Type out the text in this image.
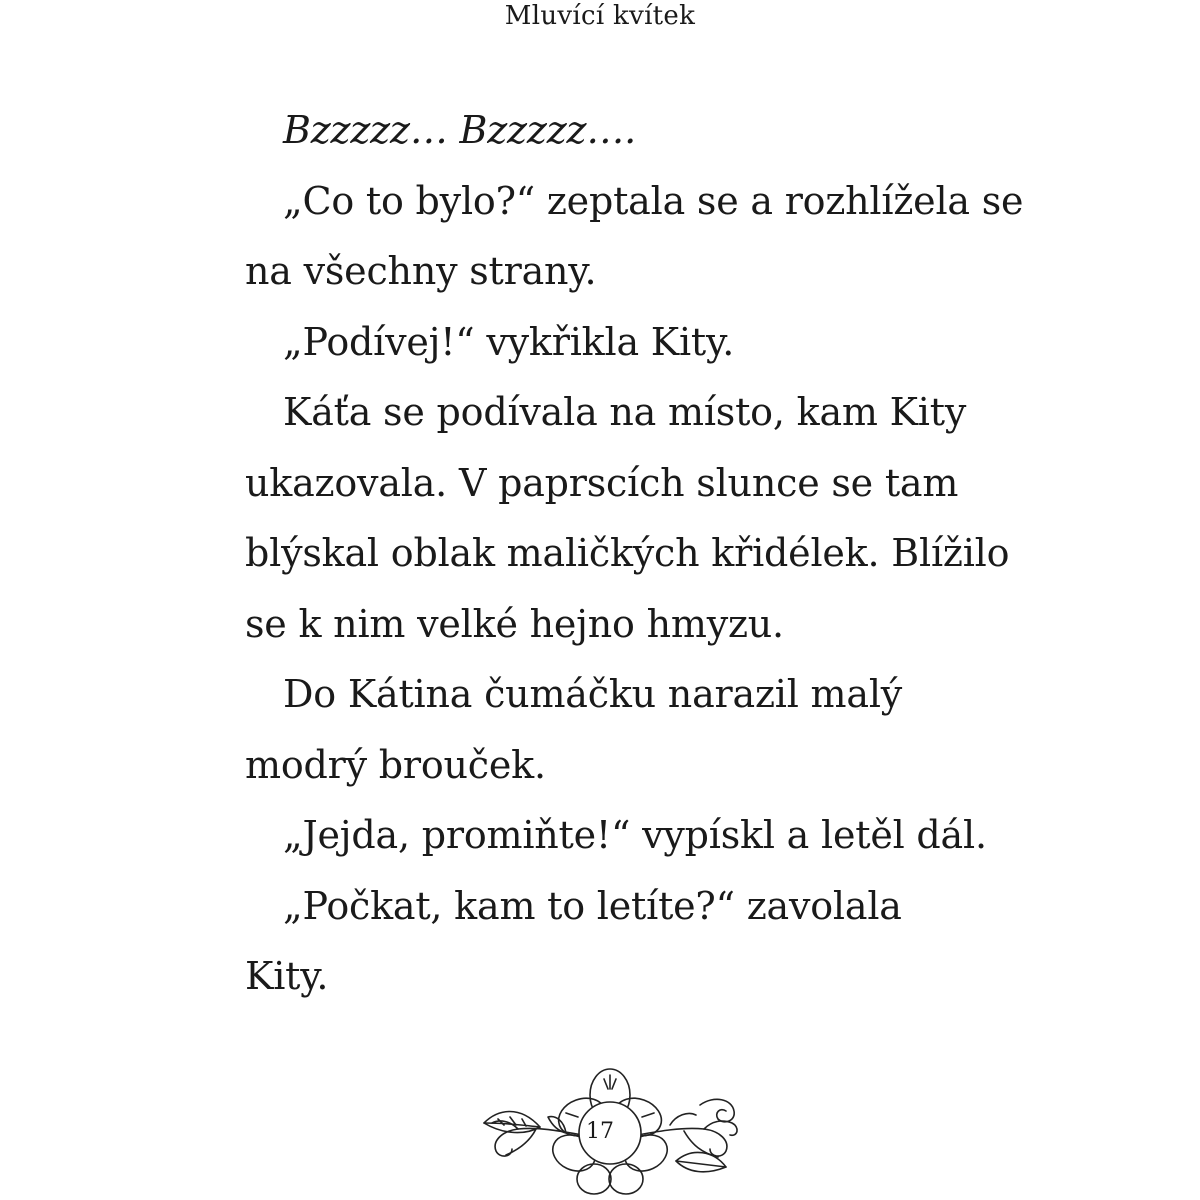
Mluvící kvítek
Bzzzzz… Bzzzzz….
„Co to bylo?“ zeptala se a rozhlížela se
na všechny strany.
„Podívej!“ vykřikla Kity.
Káťa se podívala na místo, kam Kity
ukazovala. V paprscích slunce se tam
blýskal oblak maličkých křidélek. Blížilo
se k nim velké hejno hmyzu.
Do Kátina čumáčku narazil malý
modrý brouček.
„Jejda, promiňte!“ vypískl a letěl dál.
„Počkat, kam to letíte?“ zavolala
Kity.
17
